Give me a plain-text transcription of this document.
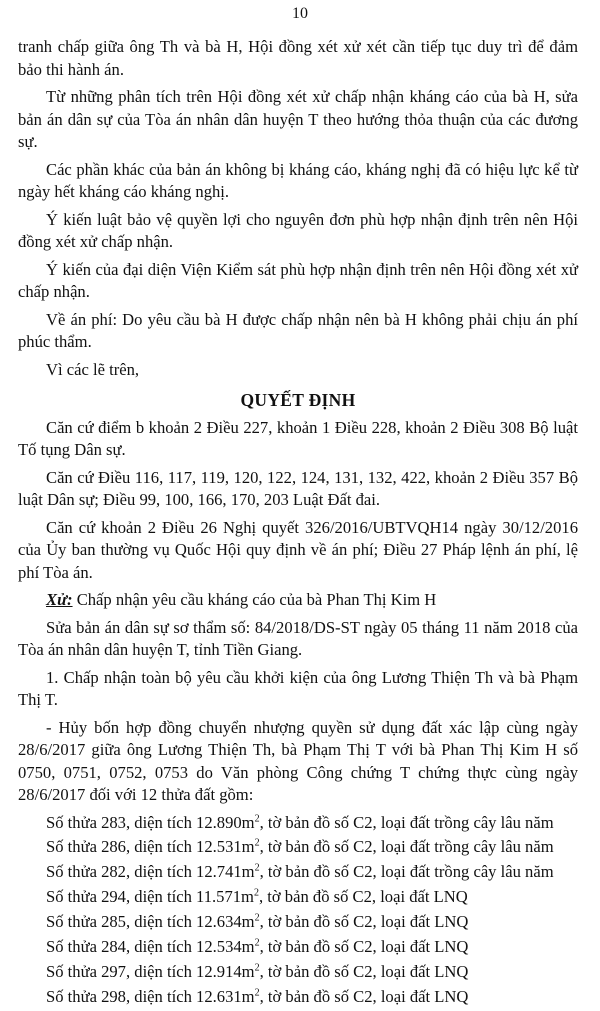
10

tranh chấp giữa ông Th và bà H, Hội đồng xét xử xét cần tiếp tục duy trì để đảm bảo thi hành án.

Từ những phân tích trên Hội đồng xét xử chấp nhận kháng cáo của bà H, sửa bản án dân sự của Tòa án nhân dân huyện T theo hướng thỏa thuận của các đương sự.

Các phần khác của bản án không bị kháng cáo, kháng nghị đã có hiệu lực kể từ ngày hết kháng cáo kháng nghị.

Ý kiến luật bảo vệ quyền lợi cho nguyên đơn phù hợp nhận định trên nên Hội đồng xét xử chấp nhận.

Ý kiến của đại diện Viện Kiểm sát phù hợp nhận định trên nên Hội đồng xét xử chấp nhận.

Về án phí: Do yêu cầu bà H được chấp nhận nên bà H không phải chịu án phí phúc thẩm.

Vì các lẽ trên,

QUYẾT ĐỊNH

Căn cứ điểm b khoản 2 Điều 227, khoản 1 Điều 228, khoản 2 Điều 308 Bộ luật Tố tụng Dân sự.

Căn cứ Điều 116, 117, 119, 120, 122, 124, 131, 132, 422, khoản 2 Điều 357 Bộ luật Dân sự; Điều 99, 100, 166, 170, 203 Luật Đất đai.

Căn cứ khoản 2 Điều 26 Nghị quyết 326/2016/UBTVQH14 ngày 30/12/2016 của Ủy ban thường vụ Quốc Hội quy định về án phí; Điều 27 Pháp lệnh án phí, lệ phí Tòa án.

Xử: Chấp nhận yêu cầu kháng cáo của bà Phan Thị Kim H

Sửa bản án dân sự sơ thẩm số: 84/2018/DS-ST ngày 05 tháng 11 năm 2018 của Tòa án nhân dân huyện T, tỉnh Tiền Giang.

1. Chấp nhận toàn bộ yêu cầu khởi kiện của ông Lương Thiện Th và bà Phạm Thị T.

- Hủy bốn hợp đồng chuyển nhượng quyền sử dụng đất xác lập cùng ngày 28/6/2017 giữa ông Lương Thiện Th, bà Phạm Thị T với bà Phan Thị Kim H số 0750, 0751, 0752, 0753 do Văn phòng Công chứng T chứng thực cùng ngày 28/6/2017 đối với 12 thửa đất gồm:

Số thửa 283, diện tích $12.890m^2$, tờ bản đồ số C2, loại đất trồng cây lâu năm

Số thửa 286, diện tích $12.531m^2$, tờ bản đồ số C2, loại đất trồng cây lâu năm

Số thửa 282, diện tích $12.741m^2$, tờ bản đồ số C2, loại đất trồng cây lâu năm

Số thửa 294, diện tích $11.571m^2$, tờ bản đồ số C2, loại đất LNQ

Số thửa 285, diện tích $12.634m^2$, tờ bản đồ số C2, loại đất LNQ

Số thửa 284, diện tích $12.534m^2$, tờ bản đồ số C2, loại đất LNQ

Số thửa 297, diện tích $12.914m^2$, tờ bản đồ số C2, loại đất LNQ

Số thửa 298, diện tích $12.631m^2$, tờ bản đồ số C2, loại đất LNQ
